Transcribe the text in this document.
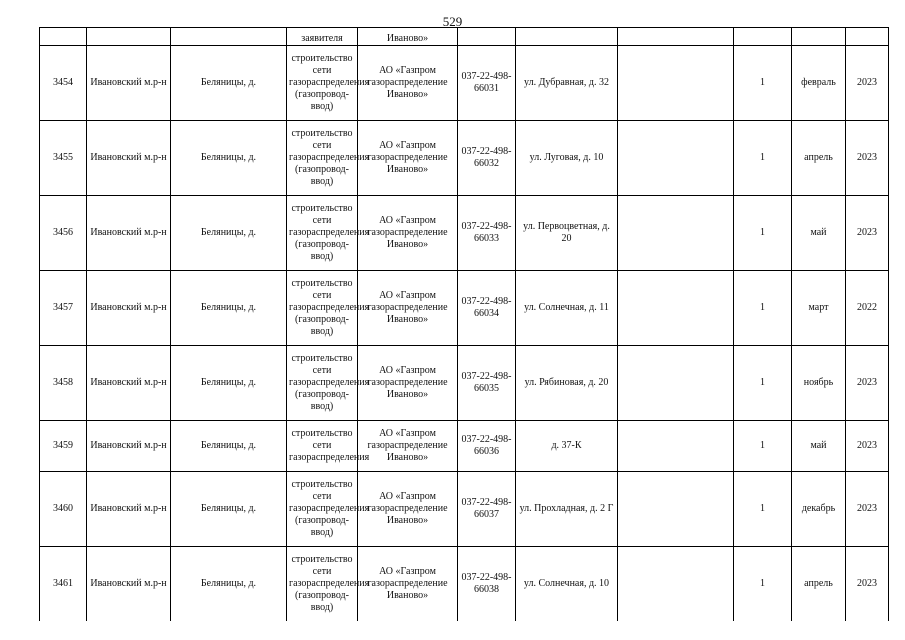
529
			заявителя	Иваново»						
3454	Ивановский м.р-н	Беляницы, д.	строительство сети газораспределения (газопровод-ввод)	АО «Газпром газораспределение Иваново»	037-22-498-66031	ул. Дубравная, д. 32		1	февраль	2023
3455	Ивановский м.р-н	Беляницы, д.	строительство сети газораспределения (газопровод-ввод)	АО «Газпром газораспределение Иваново»	037-22-498-66032	ул. Луговая, д. 10		1	апрель	2023
3456	Ивановский м.р-н	Беляницы, д.	строительство сети газораспределения (газопровод-ввод)	АО «Газпром газораспределение Иваново»	037-22-498-66033	ул. Первоцветная, д. 20		1	май	2023
3457	Ивановский м.р-н	Беляницы, д.	строительство сети газораспределения (газопровод-ввод)	АО «Газпром газораспределение Иваново»	037-22-498-66034	ул. Солнечная, д. 11		1	март	2022
3458	Ивановский м.р-н	Беляницы, д.	строительство сети газораспределения (газопровод-ввод)	АО «Газпром газораспределение Иваново»	037-22-498-66035	ул. Рябиновая, д. 20		1	ноябрь	2023
3459	Ивановский м.р-н	Беляницы, д.	строительство сети газораспределения	АО «Газпром газораспределение Иваново»	037-22-498-66036	д. 37-К		1	май	2023
3460	Ивановский м.р-н	Беляницы, д.	строительство сети газораспределения (газопровод-ввод)	АО «Газпром газораспределение Иваново»	037-22-498-66037	ул. Прохладная, д. 2 Г		1	декабрь	2023
3461	Ивановский м.р-н	Беляницы, д.	строительство сети газораспределения (газопровод-ввод)	АО «Газпром газораспределение Иваново»	037-22-498-66038	ул. Солнечная, д. 10		1	апрель	2023
